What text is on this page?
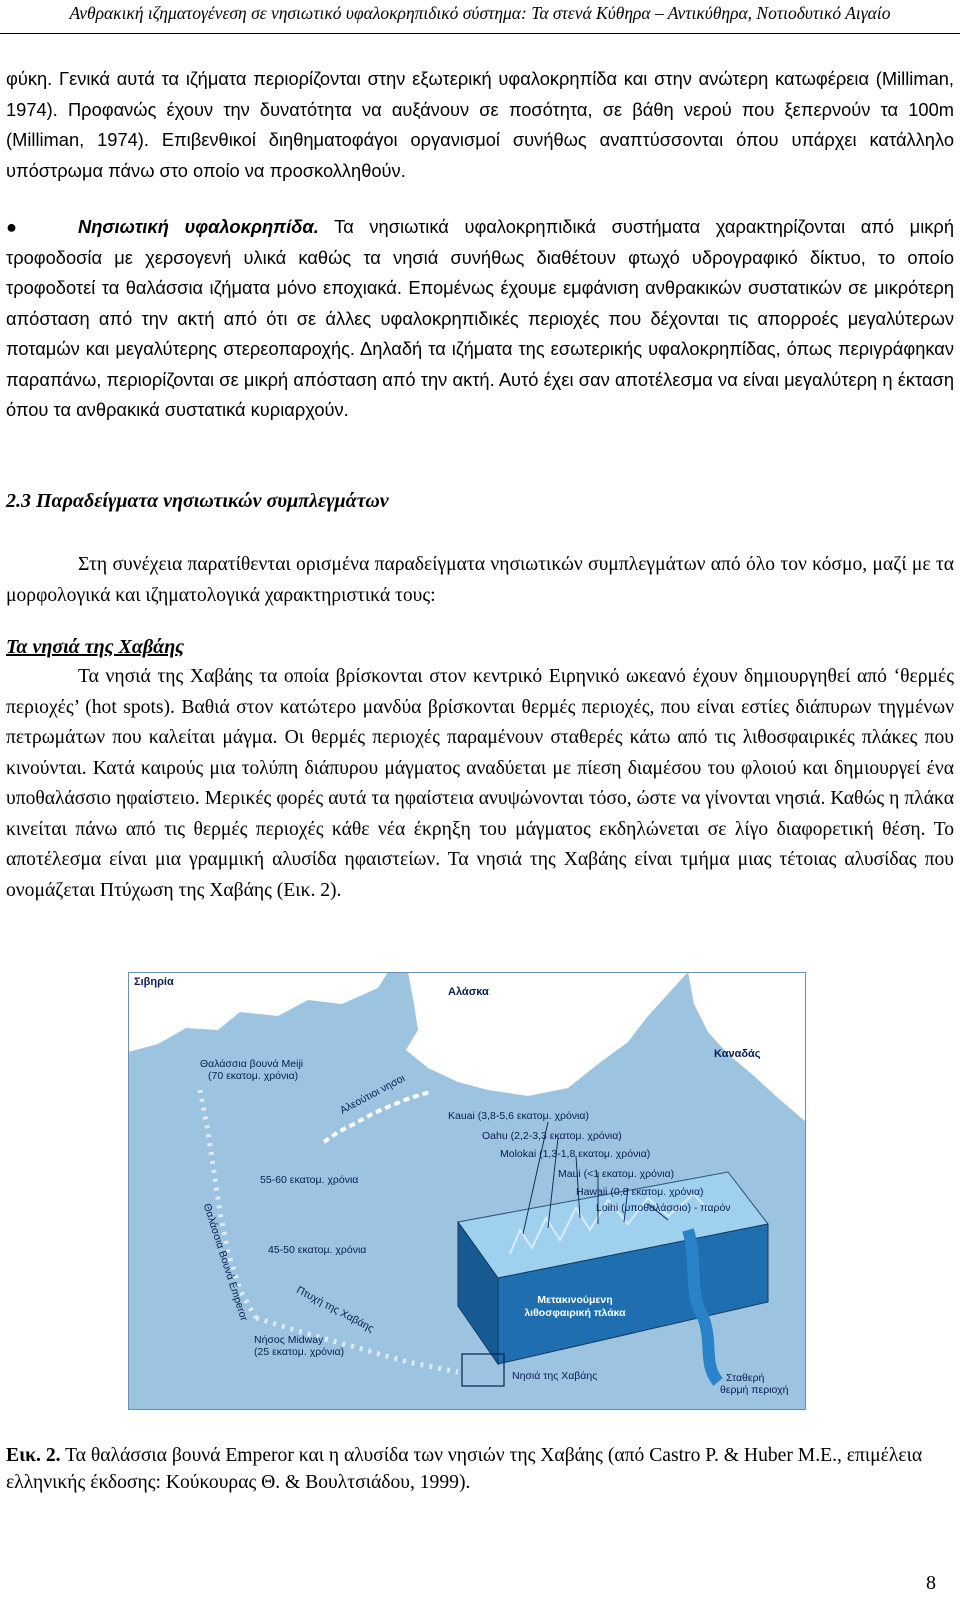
Ανθρακική ιζηματογένεση σε νησιωτικό υφαλοκρηπιδικό σύστημα: Τα στενά Κύθηρα – Αντικύθηρα, Νοτιοδυτικό Αιγαίο
φύκη. Γενικά αυτά τα ιζήματα περιορίζονται στην εξωτερική υφαλοκρηπίδα και στην ανώτερη κατωφέρεια (Milliman, 1974). Προφανώς έχουν την δυνατότητα να αυξάνουν σε ποσότητα, σε βάθη νερού που ξεπερνούν τα 100m (Milliman, 1974). Επιβενθικοί διηθηματοφάγοι οργανισμοί συνήθως αναπτύσσονται όπου υπάρχει κατάλληλο υπόστρωμα πάνω στο οποίο να προσκολληθούν.
●	Νησιωτική υφαλοκρηπίδα. Τα νησιωτικά υφαλοκρηπιδικά συστήματα χαρακτηρίζονται από μικρή τροφοδοσία με χερσογενή υλικά καθώς τα νησιά συνήθως διαθέτουν φτωχό υδρογραφικό δίκτυο, το οποίο τροφοδοτεί τα θαλάσσια ιζήματα μόνο εποχιακά. Επομένως έχουμε εμφάνιση ανθρακικών συστατικών σε μικρότερη απόσταση από την ακτή από ότι σε άλλες υφαλοκρηπιδικές περιοχές που δέχονται τις απορροές μεγαλύτερων ποταμών και μεγαλύτερης στερεοπαροχής. Δηλαδή τα ιζήματα της εσωτερικής υφαλοκρηπίδας, όπως περιγράφηκαν παραπάνω, περιορίζονται σε μικρή απόσταση από την ακτή. Αυτό έχει σαν αποτέλεσμα να είναι μεγαλύτερη η έκταση όπου τα ανθρακικά συστατικά κυριαρχούν.
2.3 Παραδείγματα νησιωτικών συμπλεγμάτων
Στη συνέχεια παρατίθενται ορισμένα παραδείγματα νησιωτικών συμπλεγμάτων από όλο τον κόσμο, μαζί με τα μορφολογικά και ιζηματολογικά χαρακτηριστικά τους:
Τα νησιά της Χαβάης
Τα νησιά της Χαβάης τα οποία βρίσκονται στον κεντρικό Ειρηνικό ωκεανό έχουν δημιουργηθεί από ‘θερμές περιοχές’ (hot spots). Βαθιά στον κατώτερο μανδύα βρίσκονται θερμές περιοχές, που είναι εστίες διάπυρων τηγμένων πετρωμάτων που καλείται μάγμα. Οι θερμές περιοχές παραμένουν σταθερές κάτω από τις λιθοσφαιρικές πλάκες που κινούνται. Κατά καιρούς μια τολύπη διάπυρου μάγματος αναδύεται με πίεση διαμέσου του φλοιού και δημιουργεί ένα υποθαλάσσιο ηφαίστειο. Μερικές φορές αυτά τα ηφαίστεια ανυψώνονται τόσο, ώστε να γίνονται νησιά. Καθώς η πλάκα κινείται πάνω από τις θερμές περιοχές κάθε νέα έκρηξη του μάγματος εκδηλώνεται σε λίγο διαφορετική θέση. Το αποτέλεσμα είναι μια γραμμική αλυσίδα ηφαιστείων. Τα νησιά της Χαβάης είναι τμήμα μιας τέτοιας αλυσίδας που ονομάζεται Πτύχωση της Χαβάης (Εικ. 2).
Σιβηρία
Αλάσκα
Καναδάς
Θαλάσσια βουνά Meiji
(70 εκατομ. χρόνια)	Αλεούτιοι νησοι	Kauai (3,8-5,6 εκατομ. χρόνια)
Oahu (2,2-3,3 εκατομ. χρόνια)
Molokai (1,3-1,8 εκατομ. χρόνια)
Maui (<1 εκατομ. χρόνια)
Hawaii (0,8 εκατομ. χρόνια)
Loihi (υποθαλάσσιο) - παρόν
55-60 εκατομ. χρόνια
45-50 εκατομ. χρόνια
Θαλάσσια Βουνά Emperor	Πτυχή της Χαβάης
Νήσος Midway
(25 εκατομ. χρόνια)
Μετακινούμενη
λιθοσφαιρική πλάκα
Νησιά της Χαβάης	Σταθερή
θερμή περιοχή
Εικ. 2. Τα θαλάσσια βουνά Emperor και η αλυσίδα των νησιών της Χαβάης (από Castro P. & Huber M.E., επιμέλεια ελληνικής έκδοσης: Κούκουρας Θ. & Βουλτσιάδου, 1999).
8
